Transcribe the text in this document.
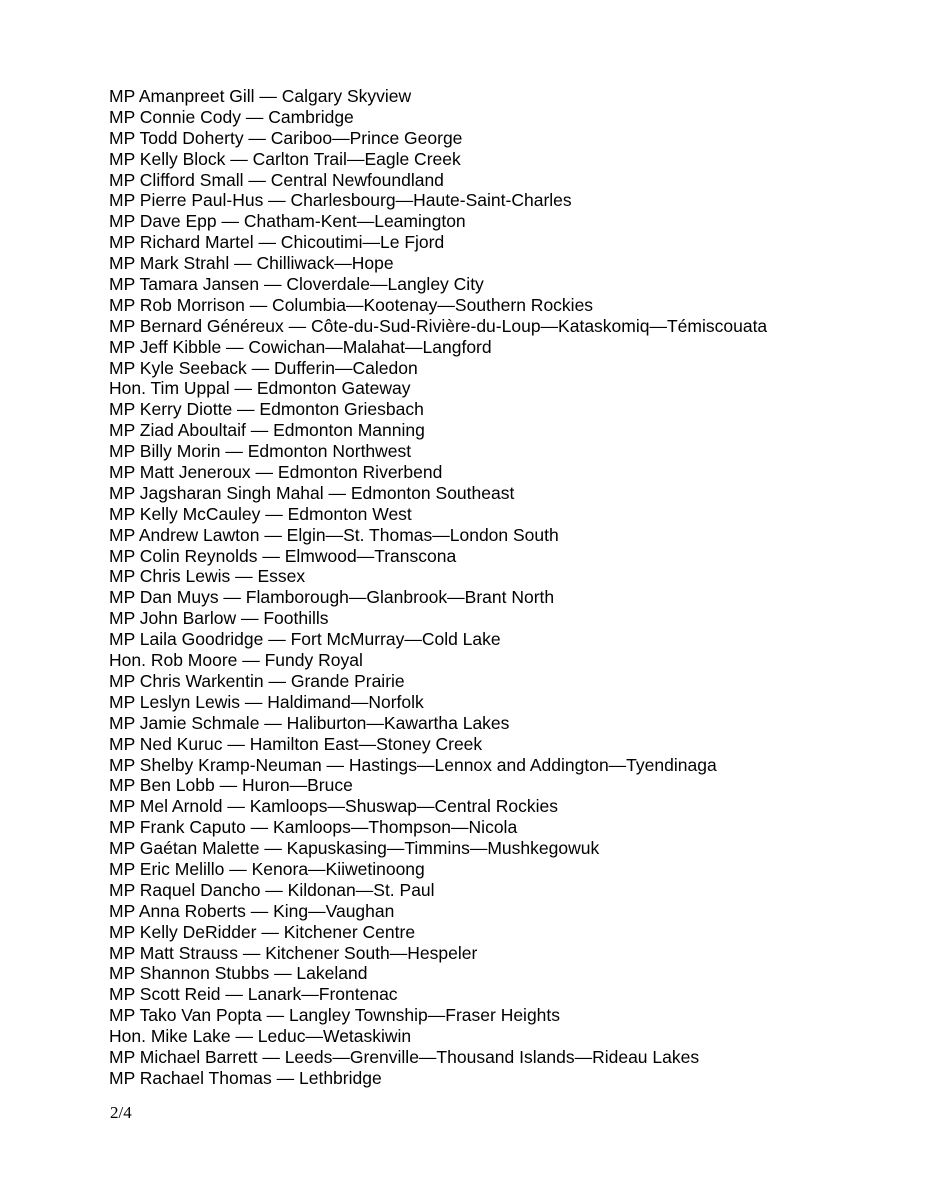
MP Amanpreet Gill — Calgary Skyview
MP Connie Cody — Cambridge
MP Todd Doherty — Cariboo—Prince George
MP Kelly Block — Carlton Trail—Eagle Creek
MP Clifford Small — Central Newfoundland
MP Pierre Paul-Hus — Charlesbourg—Haute-Saint-Charles
MP Dave Epp — Chatham-Kent—Leamington
MP Richard Martel — Chicoutimi—Le Fjord
MP Mark Strahl — Chilliwack—Hope
MP Tamara Jansen — Cloverdale—Langley City
MP Rob Morrison — Columbia—Kootenay—Southern Rockies
MP Bernard Généreux — Côte-du-Sud-Rivière-du-Loup—Kataskomiq—Témiscouata
MP Jeff Kibble — Cowichan—Malahat—Langford
MP Kyle Seeback — Dufferin—Caledon
Hon. Tim Uppal — Edmonton Gateway
MP Kerry Diotte — Edmonton Griesbach
MP Ziad Aboultaif — Edmonton Manning
MP Billy Morin — Edmonton Northwest
MP Matt Jeneroux — Edmonton Riverbend
MP Jagsharan Singh Mahal — Edmonton Southeast
MP Kelly McCauley — Edmonton West
MP Andrew Lawton — Elgin—St. Thomas—London South
MP Colin Reynolds — Elmwood—Transcona
MP Chris Lewis — Essex
MP Dan Muys — Flamborough—Glanbrook—Brant North
MP John Barlow — Foothills
MP Laila Goodridge — Fort McMurray—Cold Lake
Hon. Rob Moore — Fundy Royal
MP Chris Warkentin — Grande Prairie
MP Leslyn Lewis — Haldimand—Norfolk
MP Jamie Schmale — Haliburton—Kawartha Lakes
MP Ned Kuruc — Hamilton East—Stoney Creek
MP Shelby Kramp-Neuman — Hastings—Lennox and Addington—Tyendinaga
MP Ben Lobb — Huron—Bruce
MP Mel Arnold — Kamloops—Shuswap—Central Rockies
MP Frank Caputo — Kamloops—Thompson—Nicola
MP Gaétan Malette — Kapuskasing—Timmins—Mushkegowuk
MP Eric Melillo — Kenora—Kiiwetinoong
MP Raquel Dancho — Kildonan—St. Paul
MP Anna Roberts — King—Vaughan
MP Kelly DeRidder — Kitchener Centre
MP Matt Strauss — Kitchener South—Hespeler
MP Shannon Stubbs — Lakeland
MP Scott Reid — Lanark—Frontenac
MP Tako Van Popta — Langley Township—Fraser Heights
Hon. Mike Lake — Leduc—Wetaskiwin
MP Michael Barrett — Leeds—Grenville—Thousand Islands—Rideau Lakes
MP Rachael Thomas — Lethbridge
2/4
